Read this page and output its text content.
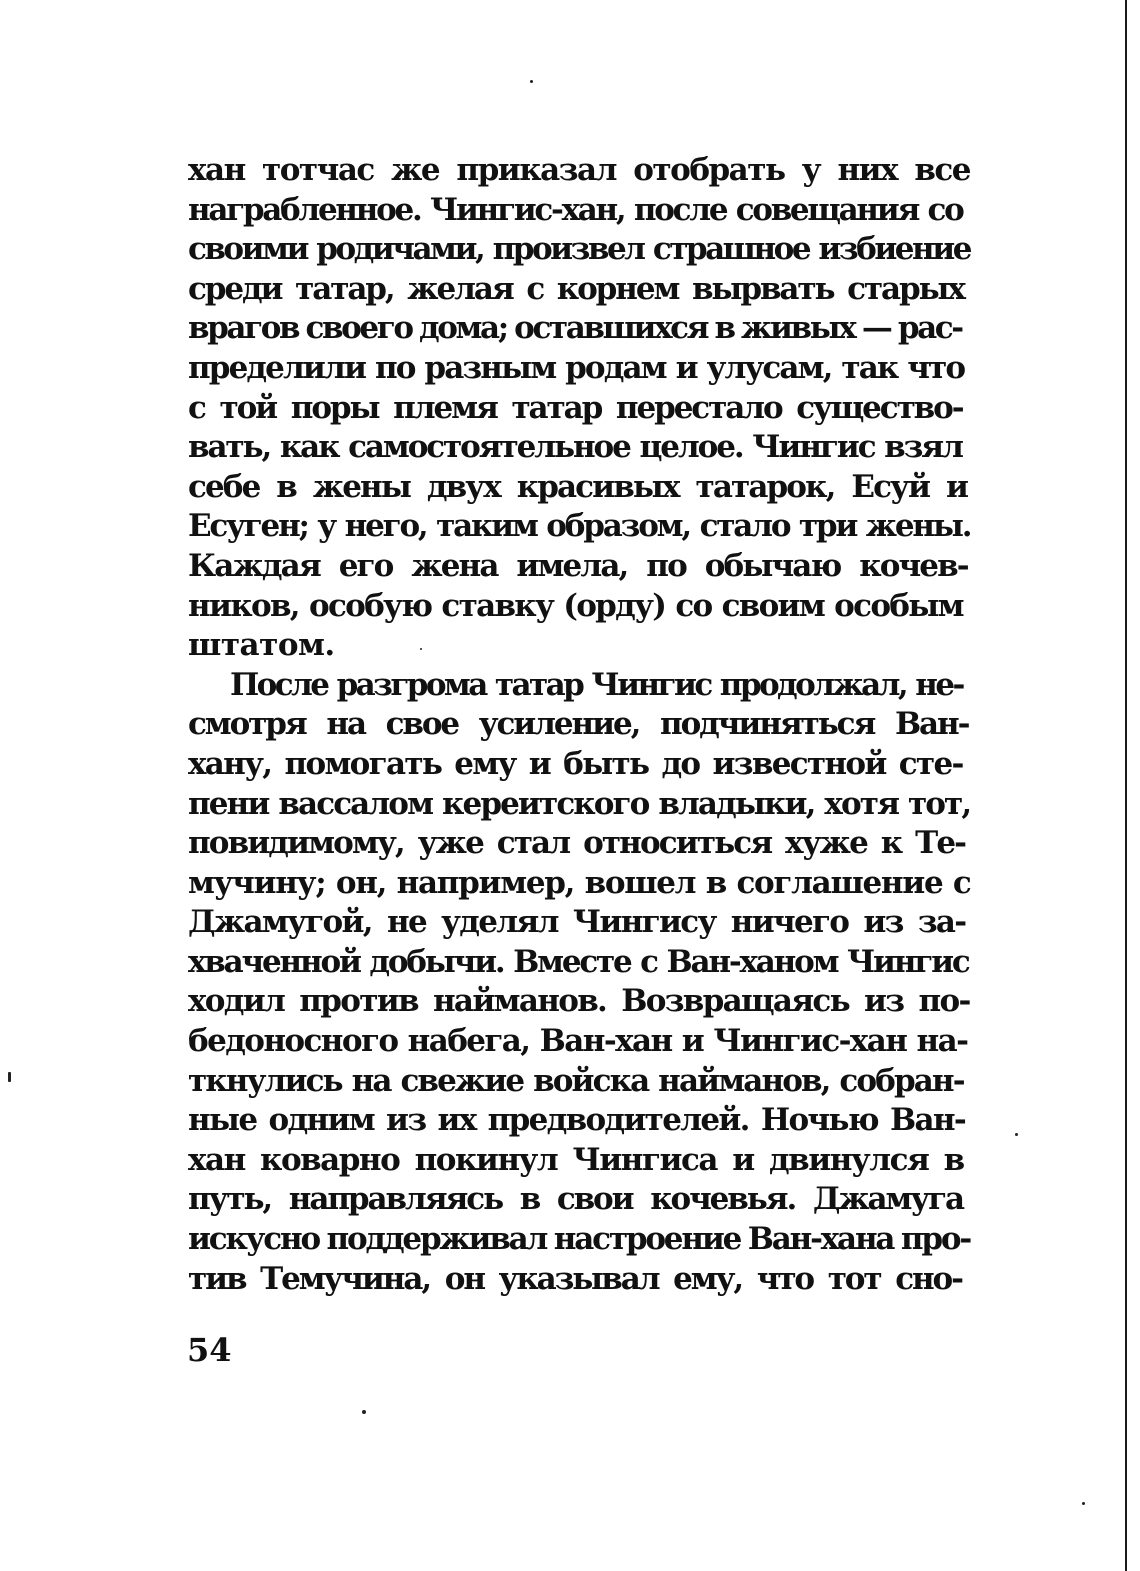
хан тотчас же приказал отобрать у них все
награбленное. Чингис-хан, после совещания со
своими родичами, произвел страшное избиение
среди татар, желая с корнем вырвать старых
врагов своего дома; оставшихся в живых — рас-
пределили по разным родам и улусам, так что
с той поры племя татар перестало существо-
вать, как самостоятельное целое. Чингис взял
себе в жены двух красивых татарок, Есуй и
Есуген; у него, таким образом, стало три жены.
Каждая его жена имела, по обычаю кочев-
ников, особую ставку (орду) со своим особым
штатом.
После разгрома татар Чингис продолжал, не-
смотря на свое усиление, подчиняться Ван-
хану, помогать ему и быть до известной сте-
пени вассалом кереитского владыки, хотя тот,
повидимому, уже стал относиться хуже к Те-
мучину; он, например, вошел в соглашение с
Джамугой, не уделял Чингису ничего из за-
хваченной добычи. Вместе с Ван-ханом Чингис
ходил против найманов. Возвращаясь из по-
бедоносного набега, Ван-хан и Чингис-хан на-
ткнулись на свежие войска найманов, собран-
ные одним из их предводителей. Ночью Ван-
хан коварно покинул Чингиса и двинулся в
путь, направляясь в свои кочевья. Джамуга
искусно поддерживал настроение Ван-хана про-
тив Темучина, он указывал ему, что тот сно-
54
